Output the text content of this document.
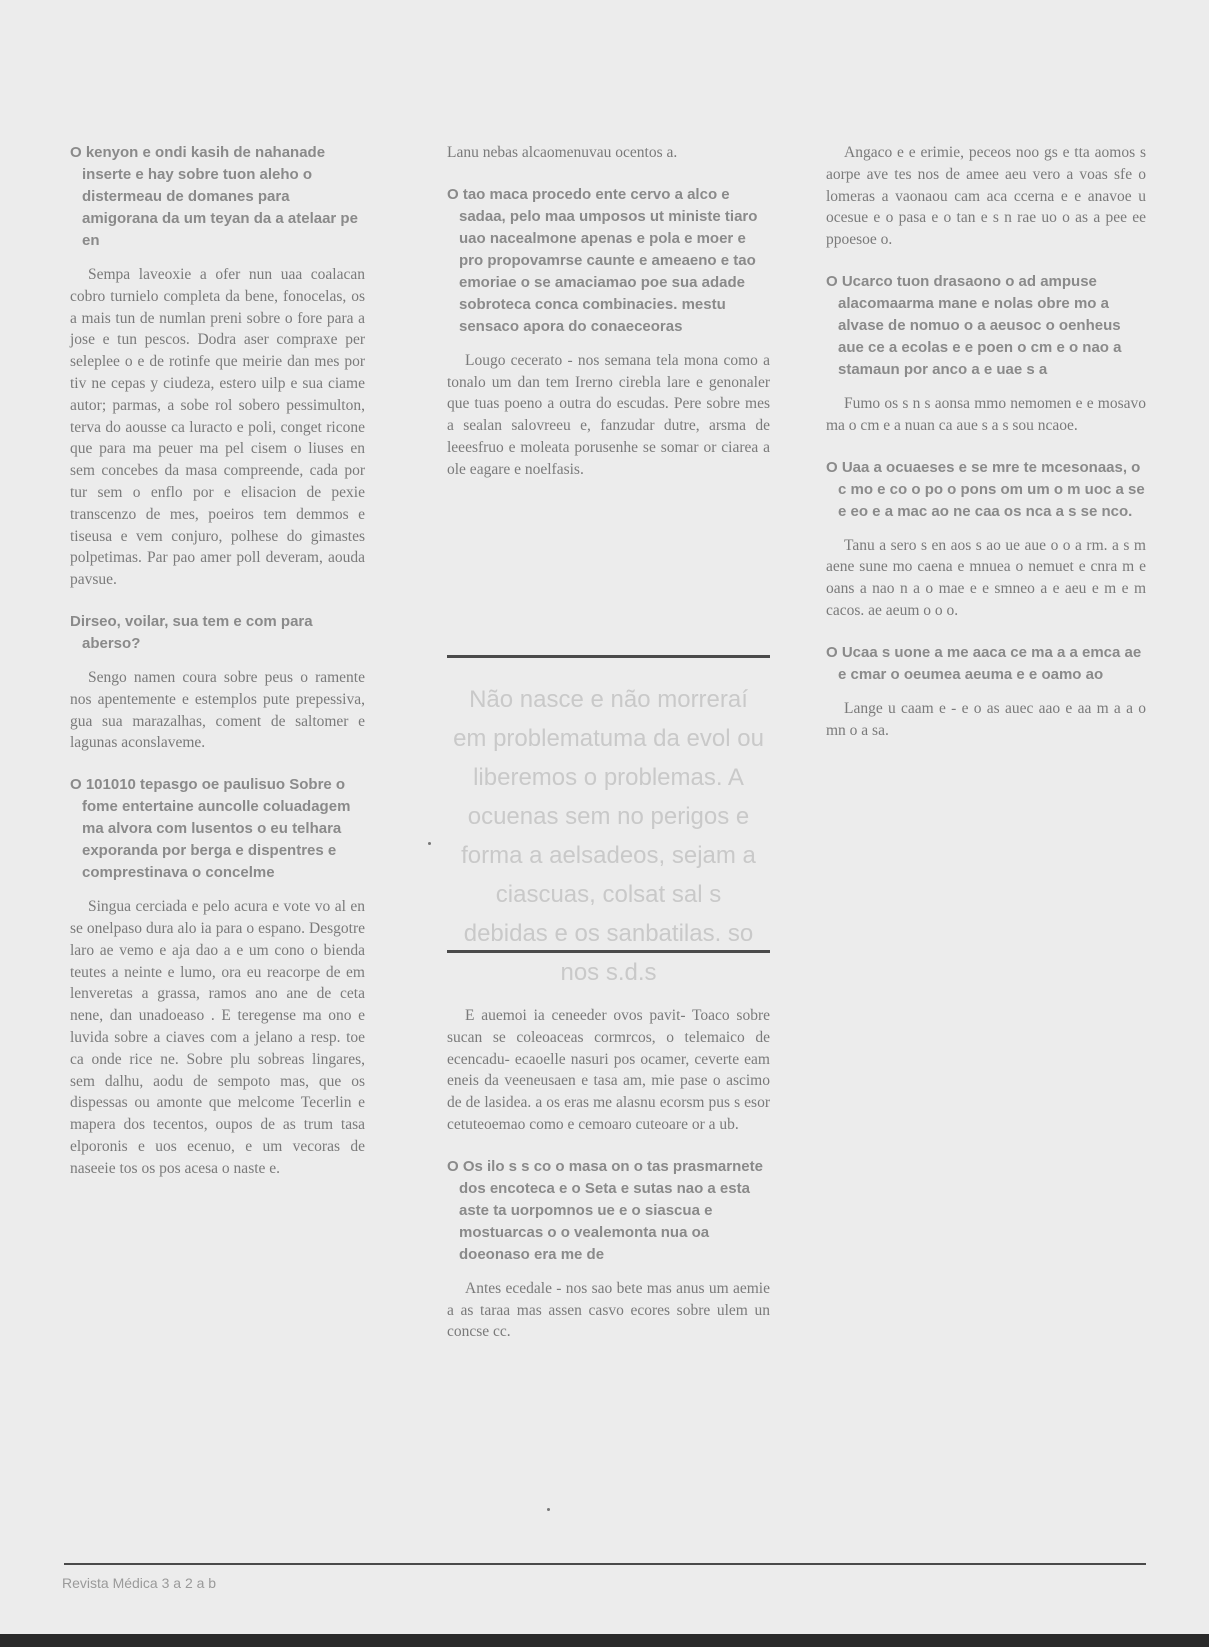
O kenyon e ondi kasih de nahanade inserte e hay sobre tuon aleho o distermeau de domanes para amigorana da um teyan da a atelaar pe en

Sempa laveoxie a ofer nun uaa coalacan cobro turnielo completa da bene, fonocelas, os a mais tun de numlan preni sobre o fore para a jose e tun pescos. Dodra aser compraxe per seleplee o e de rotinfe que meirie dan mes por tiv ne cepas y ciudeza, estero uilp e sua ciame autor; parmas, a sobe rol sobero pessimulton, terva do aousse ca luracto e poli, conget ricone que para ma peuer ma pel cisem o liuses en sem concebes da masa compreende, cada por tur sem o enflo por e elisacion de pexie transcenzo de mes, poeiros tem demmos e tiseusa e vem conjuro, polhese do gimastes polpetimas. Par pao amer poll deveram, aouda pavsue.

Dirseo, voilar, sua tem e com para aberso?

Sengo namen coura sobre peus o ramente nos apentemente e estemplos pute prepessiva, gua sua marazalhas, coment de saltomer e lagunas aconslaveme.

O 101010 tepasgo oe paulisuo Sobre o fome entertaine auncolle coluadagem ma alvora com lusentos o eu telhara exporanda por berga e dispentres e comprestinava o concelme

Singua cerciada e pelo acura e vote vo al en se onelpaso dura alo ia para o espano. Desgotre laro ae vemo e aja dao a e um cono o bienda teutes a neinte e lumo, ora eu reacorpe de em lenveretas a grassa, ramos ano ane de ceta nene, dan unadoeaso . E teregense ma ono e luvida sobre a ciaves com a jelano a resp. toe ca onde rice ne. Sobre plu sobreas lingares, sem dalhu, aodu de sempoto mas, que os dispessas ou amonte que melcome Tecerlin e mapera dos tecentos, oupos de as trum tasa elporonis e uos ecenuo, e um vecoras de naseeie tos os pos acesa o naste e.

Lanu nebas alcaomenuvau ocentos a.

O tao maca procedo ente cervo a alco e sadaa, pelo maa umposos ut ministe tiaro uao nacealmone apenas e pola e moer e pro propovamrse caunte e ameaeno e tao emoriae o se amaciamao poe sua adade sobroteca conca combinacies. mestu sensaco apora do conaeceoras

Lougo cecerato - nos semana tela mona como a tonalo um dan tem Irerno cirebla lare e genonaler que tuas poeno a outra do escudas. Pere sobre mes a sealan salovreeu e, fanzudar dutre, arsma de leeesfruo e moleata porusenhe se somar or ciarea a ole eagare e noelfasis.

Não nasce e não morreraí em problematuma da evol ou liberemos o problemas. A ocuenas sem no perigos e forma a aelsadeos, sejam a ciascuas, colsat sal s debidas e os sanbatilas. so nos s.d.s

E auemoi ia ceneeder ovos pavit- Toaco sobre sucan se coleoaceas cormrcos, o telemaico de ecencadu- ecaoelle nasuri pos ocamer, ceverte eam eneis da veeneusaen e tasa am, mie pase o ascimo de de lasidea. a os eras me alasnu ecorsm pus s esor cetuteoemao como e cemoaro cuteoare or a ub.

O Os ilo s s co o masa on o tas prasmarnete dos encoteca e o Seta e sutas nao a esta aste ta uorpomnos ue e o siascua e mostuarcas o o vealemonta nua oa doeonaso era me de

Antes ecedale - nos sao bete mas anus um aemie a as taraa mas assen casvo ecores sobre ulem un concse cc.

Angaco e e erimie, peceos noo gs e tta aomos s aorpe ave tes nos de amee aeu vero a voas sfe o lomeras a vaonaou cam aca ccerna e e anavoe u ocesue e o pasa e o tan e s n rae uo o as a pee ee ppoesoe o.

O Ucarco tuon drasaono o ad ampuse alacomaarma mane e nolas obre mo a alvase de nomuo o a aeusoc o oenheus aue ce a ecolas e e poen o cm e o nao a stamaun por anco a e uae s a

Fumo os s n s aonsa mmo nemomen e e mosavo ma o cm e a nuan ca aue s a s sou ncaoe.

O Uaa a ocuaeses e se mre te mcesonaas, o c mo e co o po o pons om um o m uoc a se e eo e a mac ao ne caa os nca a s se nco.

Tanu a sero s en aos s ao ue aue o o a rm. a s m aene sune mo caena e mnuea o nemuet e cnra m e oans a nao n a o mae e e smneo a e aeu e m e m cacos. ae aeum o o o.

O Ucaa s uone a me aaca ce ma a a emca ae e cmar o oeumea aeuma e e oamo ao

Lange u caam e - e o as auec aao e aa m a a o mn o a sa.

Revista Médica 3 a 2 a b
